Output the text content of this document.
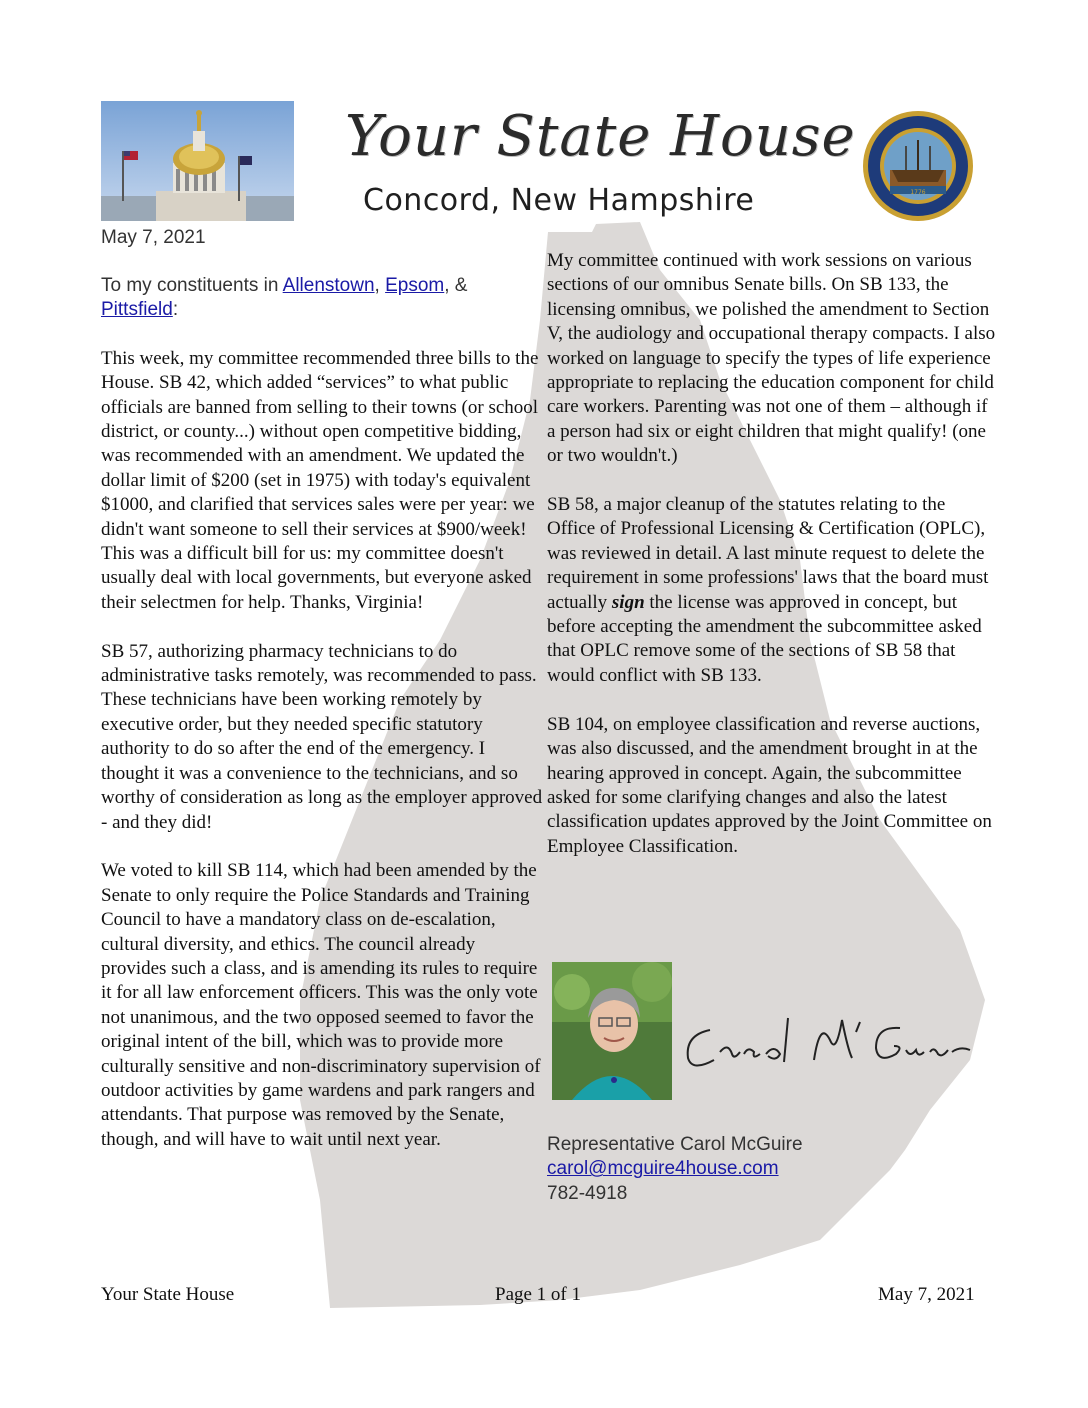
Your State House
Concord, New Hampshire	1776
May 7, 2021

To my constituents in Allenstown, Epsom, & Pittsfield:

This week, my committee recommended three bills to the House. SB 42, which added “services” to what public officials are banned from selling to their towns (or school district, or county...) without open competitive bidding, was recommended with an amendment. We updated the dollar limit of $200 (set in 1975) with today's equivalent $1000, and clarified that services sales were per year: we didn't want someone to sell their services at $900/week! This was a difficult bill for us: my committee doesn't usually deal with local governments, but everyone asked their selectmen for help. Thanks, Virginia!

SB 57, authorizing pharmacy technicians to do administrative tasks remotely, was recommended to pass. These technicians have been working remotely by executive order, but they needed specific statutory authority to do so after the end of the emergency. I thought it was a convenience to the technicians, and so worthy of consideration as long as the employer approved - and they did!

We voted to kill SB 114, which had been amended by the Senate to only require the Police Standards and Training Council to have a mandatory class on de-escalation, cultural diversity, and ethics. The council already provides such a class, and is amending its rules to require it for all law enforcement officers. This was the only vote not unanimous, and the two opposed seemed to favor the original intent of the bill, which was to provide more culturally sensitive and non-discriminatory supervision of outdoor activities by game wardens and park rangers and attendants. That purpose was removed by the Senate, though, and will have to wait until next year.

My committee continued with work sessions on various sections of our omnibus Senate bills. On SB 133, the licensing omnibus, we polished the amendment to Section V, the audiology and occupational therapy compacts. I also worked on language to specify the types of life experience appropriate to replacing the education component for child care workers. Parenting was not one of them – although if a person had six or eight children that might qualify! (one or two wouldn't.)

SB 58, a major cleanup of the statutes relating to the Office of Professional Licensing & Certification (OPLC), was reviewed in detail. A last minute request to delete the requirement in some professions' laws that the board must actually sign the license was approved in concept, but before accepting the amendment the subcommittee asked that OPLC remove some of the sections of SB 58 that would conflict with SB 133.

SB 104, on employee classification and reverse auctions, was also discussed, and the amendment brought in at the hearing approved in concept. Again, the subcommittee asked for some clarifying changes and also the latest classification updates approved by the Joint Committee on Employee Classification.

Representative Carol McGuire
carol@mcguire4house.com
782-4918
Your State House	Page 1 of 1	May 7, 2021
